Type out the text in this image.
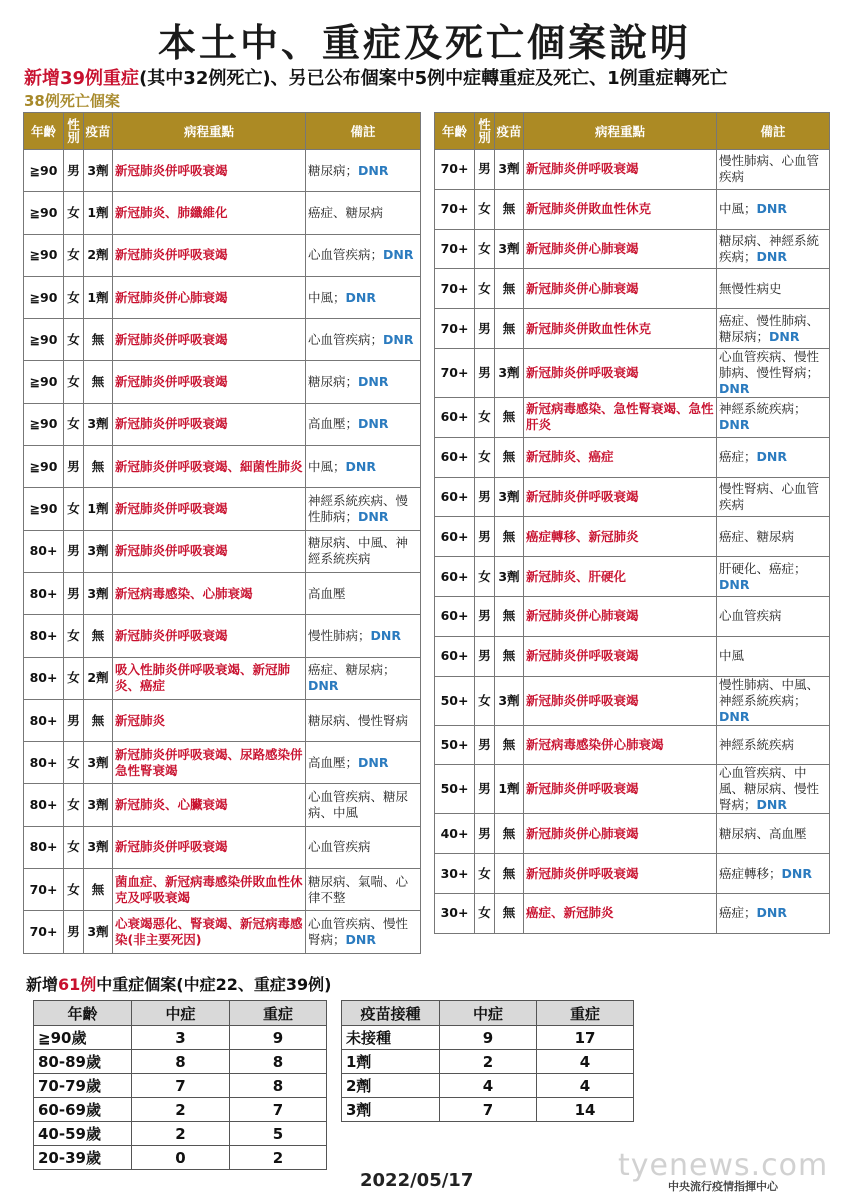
本土中、重症及死亡個案說明
新增39例重症(其中32例死亡)、另已公布個案中5例中症轉重症及死亡、1例重症轉死亡
38例死亡個案
年齡	性別	疫苗	病程重點	備註
≧90	男	3劑	新冠肺炎併呼吸衰竭	糖尿病；DNR
≧90	女	1劑	新冠肺炎、肺纖維化	癌症、糖尿病
≧90	女	2劑	新冠肺炎併呼吸衰竭	心血管疾病；DNR
≧90	女	1劑	新冠肺炎併心肺衰竭	中風；DNR
≧90	女	無	新冠肺炎併呼吸衰竭	心血管疾病；DNR
≧90	女	無	新冠肺炎併呼吸衰竭	糖尿病；DNR
≧90	女	3劑	新冠肺炎併呼吸衰竭	高血壓；DNR
≧90	男	無	新冠肺炎併呼吸衰竭、細菌性肺炎	中風；DNR
≧90	女	1劑	新冠肺炎併呼吸衰竭	神經系統疾病、慢性肺病；DNR
80+	男	3劑	新冠肺炎併呼吸衰竭	糖尿病、中風、神經系統疾病
80+	男	3劑	新冠病毒感染、心肺衰竭	高血壓
80+	女	無	新冠肺炎併呼吸衰竭	慢性肺病；DNR
80+	女	2劑	吸入性肺炎併呼吸衰竭、新冠肺炎、癌症	癌症、糖尿病；DNR
80+	男	無	新冠肺炎	糖尿病、慢性腎病
80+	女	3劑	新冠肺炎併呼吸衰竭、尿路感染併急性腎衰竭	高血壓；DNR
80+	女	3劑	新冠肺炎、心臟衰竭	心血管疾病、糖尿病、中風
80+	女	3劑	新冠肺炎併呼吸衰竭	心血管疾病
70+	女	無	菌血症、新冠病毒感染併敗血性休克及呼吸衰竭	糖尿病、氣喘、心律不整
70+	男	3劑	心衰竭惡化、腎衰竭、新冠病毒感染(非主要死因)	心血管疾病、慢性腎病；DNR
年齡	性別	疫苗	病程重點	備註
70+	男	3劑	新冠肺炎併呼吸衰竭	慢性肺病、心血管疾病
70+	女	無	新冠肺炎併敗血性休克	中風；DNR
70+	女	3劑	新冠肺炎併心肺衰竭	糖尿病、神經系統疾病；DNR
70+	女	無	新冠肺炎併心肺衰竭	無慢性病史
70+	男	無	新冠肺炎併敗血性休克	癌症、慢性肺病、糖尿病；DNR
70+	男	3劑	新冠肺炎併呼吸衰竭	心血管疾病、慢性肺病、慢性腎病；DNR
60+	女	無	新冠病毒感染、急性腎衰竭、急性肝炎	神經系統疾病；DNR
60+	女	無	新冠肺炎、癌症	癌症；DNR
60+	男	3劑	新冠肺炎併呼吸衰竭	慢性腎病、心血管疾病
60+	男	無	癌症轉移、新冠肺炎	癌症、糖尿病
60+	女	3劑	新冠肺炎、肝硬化	肝硬化、癌症；DNR
60+	男	無	新冠肺炎併心肺衰竭	心血管疾病
60+	男	無	新冠肺炎併呼吸衰竭	中風
50+	女	3劑	新冠肺炎併呼吸衰竭	慢性肺病、中風、神經系統疾病；DNR
50+	男	無	新冠病毒感染併心肺衰竭	神經系統疾病
50+	男	1劑	新冠肺炎併呼吸衰竭	心血管疾病、中風、糖尿病、慢性腎病；DNR
40+	男	無	新冠肺炎併心肺衰竭	糖尿病、高血壓
30+	女	無	新冠肺炎併呼吸衰竭	癌症轉移；DNR
30+	女	無	癌症、新冠肺炎	癌症；DNR
新增61例中重症個案(中症22、重症39例)
年齡	中症	重症
≧90歲	3	9
80-89歲	8	8
70-79歲	7	8
60-69歲	2	7
40-59歲	2	5
20-39歲	0	2
疫苗接種	中症	重症
未接種	9	17
1劑	2	4
2劑	4	4
3劑	7	14
tyenews.com
2022/05/17	中央流行疫情指揮中心
